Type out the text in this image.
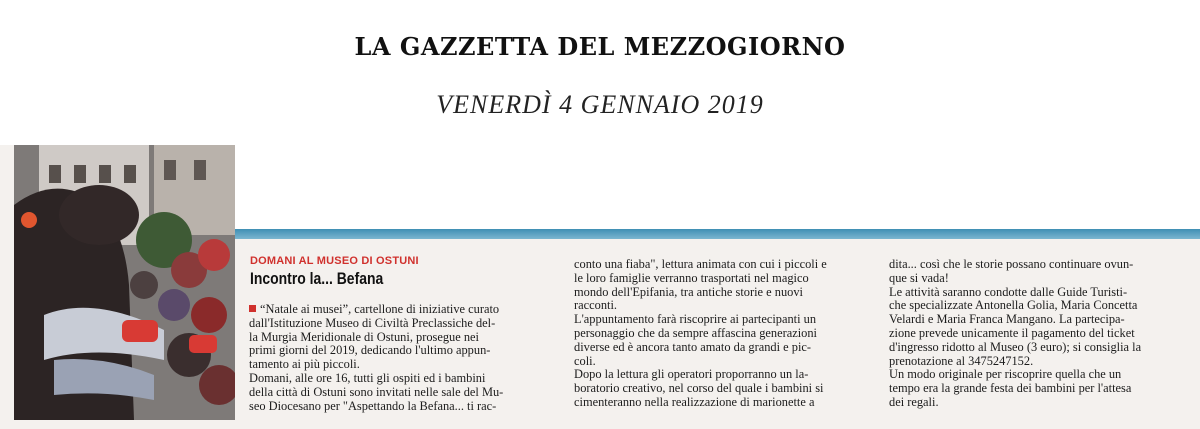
LA GAZZETTA DEL MEZZOGIORNO
VENERDÌ 4 GENNAIO 2019
DOMANI AL MUSEO DI OSTUNI
Incontro la... Befana
“Natale ai musei”, cartellone di iniziative curato
dall'Istituzione Museo di Civiltà Preclassiche del-
la Murgia Meridionale di Ostuni, prosegue nei
primi giorni del 2019, dedicando l'ultimo appun-
tamento ai più piccoli.
Domani, alle ore 16, tutti gli ospiti ed i bambini
della città di Ostuni sono invitati nelle sale del Mu-
seo Diocesano per "Aspettando la Befana... ti rac-
conto una fiaba", lettura animata con cui i piccoli e
le loro famiglie verranno trasportati nel magico
mondo dell'Epifania, tra antiche storie e nuovi
racconti.
L'appuntamento farà riscoprire ai partecipanti un
personaggio che da sempre affascina generazioni
diverse ed è ancora tanto amato da grandi e pic-
coli.
Dopo la lettura gli operatori proporranno un la-
boratorio creativo, nel corso del quale i bambini si
cimenteranno nella realizzazione di marionette a
dita... così che le storie possano continuare ovun-
que si vada!
Le attività saranno condotte dalle Guide Turisti-
che specializzate Antonella Golia, Maria Concetta
Velardi e Maria Franca Mangano. La partecipa-
zione prevede unicamente il pagamento del ticket
d'ingresso ridotto al Museo (3 euro); si consiglia la
prenotazione al 3475247152.
Un modo originale per riscoprire quella che un
tempo era la grande festa dei bambini per l'attesa
dei regali.
